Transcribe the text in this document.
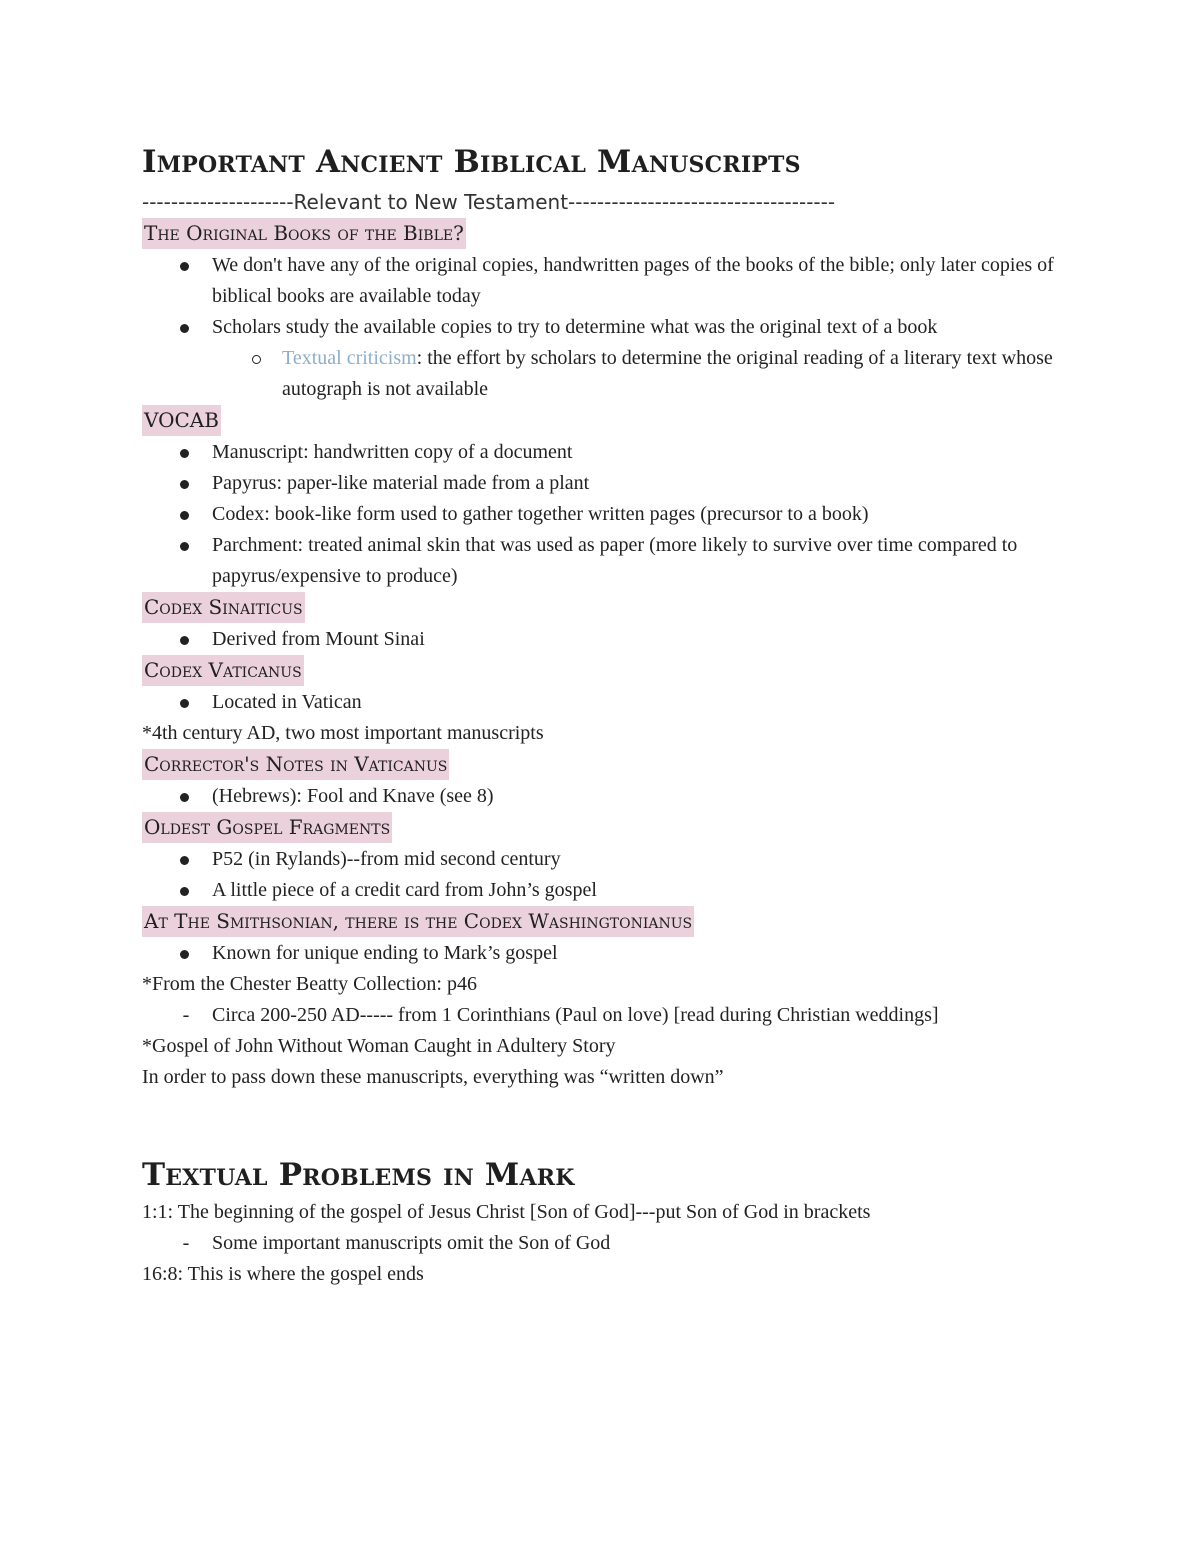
Important Ancient Biblical Manuscripts
---------------------Relevant to New Testament-------------------------------------
The Original Books of the Bible?
We don't have any of the original copies, handwritten pages of the books of the bible; only later copies of biblical books are available today
Scholars study the available copies to try to determine what was the original text of a book
Textual criticism: the effort by scholars to determine the original reading of a literary text whose autograph is not available
VOCAB
Manuscript: handwritten copy of a document
Papyrus: paper-like material made from a plant
Codex: book-like form used to gather together written pages (precursor to a book)
Parchment: treated animal skin that was used as paper (more likely to survive over time compared to papyrus/expensive to produce)
Codex Sinaiticus
Derived from Mount Sinai
Codex Vaticanus
Located in Vatican

*4th century AD, two most important manuscripts

Corrector's Notes in Vaticanus
(Hebrews): Fool and Knave (see 8)
Oldest Gospel Fragments
P52 (in Rylands)--from mid second century
A little piece of a credit card from John’s gospel
At The Smithsonian, there is the Codex Washingtonianus
Known for unique ending to Mark’s gospel

*From the Chester Beatty Collection: p46

-	Circa 200-250 AD----- from 1 Corinthians (Paul on love) [read during Christian weddings]

*Gospel of John Without Woman Caught in Adultery Story

In order to pass down these manuscripts, everything was “written down”

Textual Problems in Mark

1:1: The beginning of the gospel of Jesus Christ [Son of God]---put Son of God in brackets

-	Some important manuscripts omit the Son of God

16:8: This is where the gospel ends
